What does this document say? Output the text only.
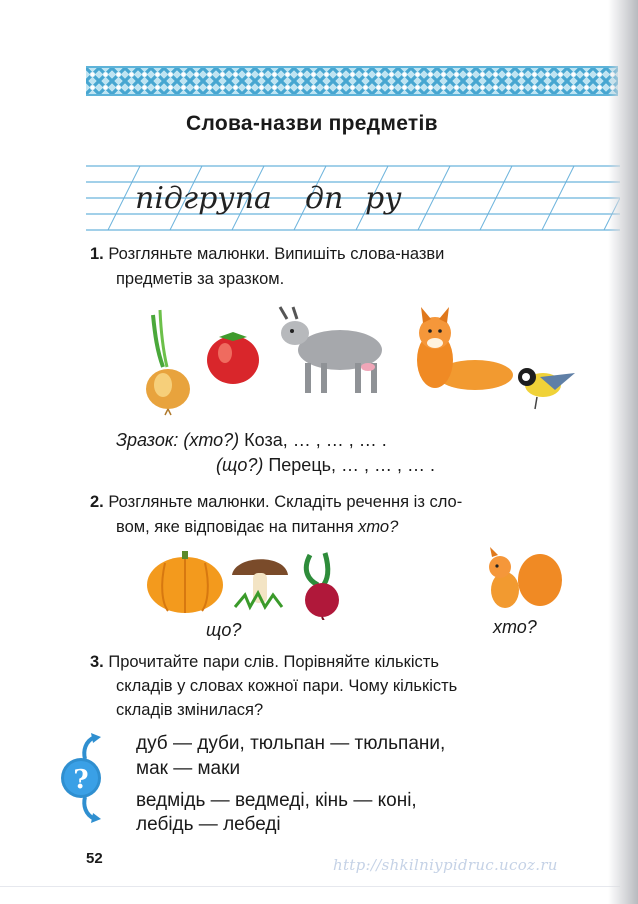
Слова-назви предметів
підгрупа дп ру
1. Розгляньте малюнки. Випишіть слова-назви
предметів за зразком.
Зразок: (хто?) Коза, … , … , … .
(що?) Перець, … , … , … .
2. Розгляньте малюнки. Складіть речення із сло-
вом, яке відповідає на питання хто?
що?	хто?
3. Прочитайте пари слів. Порівняйте кількість
складів у словах кожної пари. Чому кількість
складів змінилася?
?
дуб — дуби, тюльпан — тюльпани,
мак — маки
ведмідь — ведмеді, кінь — коні,
лебідь — лебеді
52	http://shkilniypidruc.ucoz.ru
